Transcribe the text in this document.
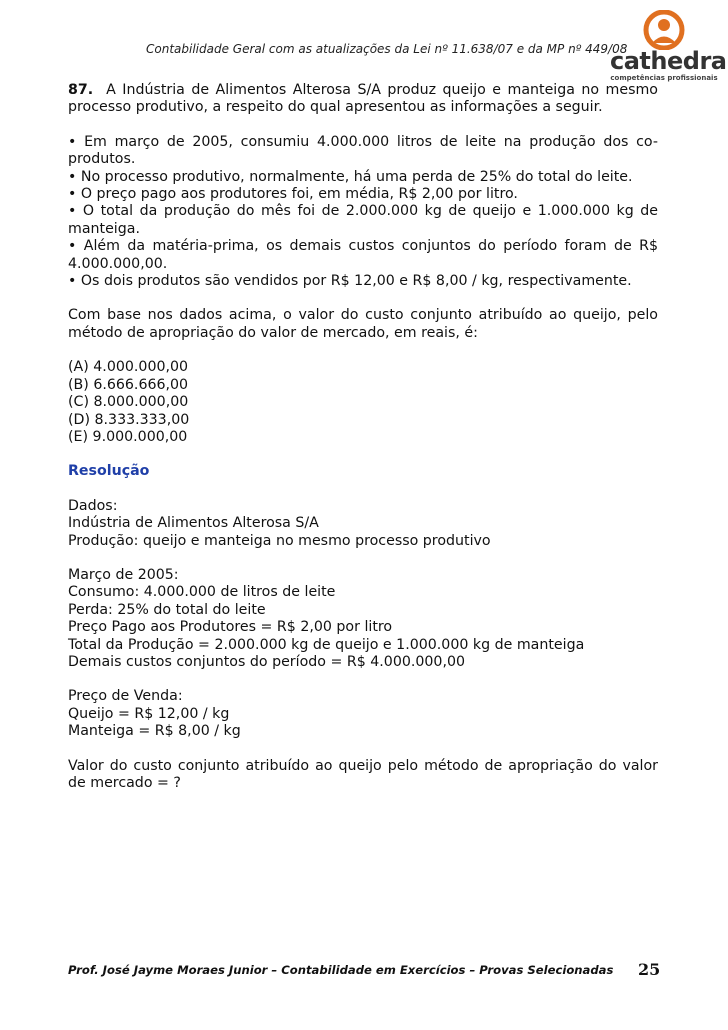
Contabilidade Geral com as atualizações da Lei nº 11.638/07 e da MP nº 449/08
cathedra
competências profissionais

87. A Indústria de Alimentos Alterosa S/A produz queijo e manteiga no mesmo processo produtivo, a respeito do qual apresentou as informações a seguir.

• Em março de 2005, consumiu 4.000.000 litros de leite na produção dos co-produtos.

• No processo produtivo, normalmente, há uma perda de 25% do total do leite.

• O preço pago aos produtores foi, em média, R$ 2,00 por litro.

• O total da produção do mês foi de 2.000.000 kg de queijo e 1.000.000 kg de manteiga.

• Além da matéria-prima, os demais custos conjuntos do período foram de R$ 4.000.000,00.

• Os dois produtos são vendidos por R$ 12,00 e R$ 8,00 / kg, respectivamente.

Com base nos dados acima, o valor do custo conjunto atribuído ao queijo, pelo método de apropriação do valor de mercado, em reais, é:

(A) 4.000.000,00

(B) 6.666.666,00

(C) 8.000.000,00

(D) 8.333.333,00

(E) 9.000.000,00

Resolução

Dados:

Indústria de Alimentos Alterosa S/A

Produção: queijo e manteiga no mesmo processo produtivo

Março de 2005:

Consumo: 4.000.000 de litros de leite

Perda: 25% do total do leite

Preço Pago aos Produtores = R$ 2,00 por litro

Total da Produção = 2.000.000 kg de queijo e 1.000.000 kg de manteiga

Demais custos conjuntos do período = R$ 4.000.000,00

Preço de Venda:

Queijo = R$ 12,00 / kg

Manteiga = R$ 8,00 / kg

Valor do custo conjunto atribuído ao queijo pelo método de apropriação do valor de mercado = ?

Prof. José Jayme Moraes Junior – Contabilidade em Exercícios – Provas Selecionadas	25
